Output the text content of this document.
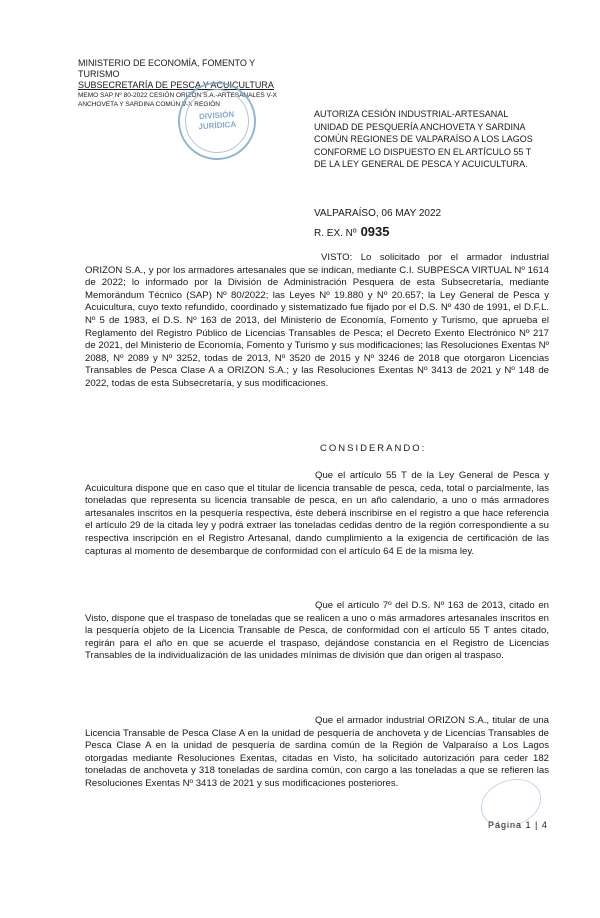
MINISTERIO DE ECONOMÍA, FOMENTO Y TURISMO
SUBSECRETARÍA DE PESCA Y ACUICULTURA
MEMO SAP Nº 80-2022 CESIÓN ORIZON S.A.-ARTESANALES V-X
ANCHOVETA Y SARDINA COMÚN V-X REGIÓN
DIVISIÓN
JURÍDICA
AUTORIZA CESIÓN INDUSTRIAL-ARTESANAL UNIDAD DE PESQUERÍA ANCHOVETA Y SARDINA COMÚN REGIONES DE VALPARAÍSO A LOS LAGOS CONFORME LO DISPUESTO EN EL ARTÍCULO 55 T DE LA LEY GENERAL DE PESCA Y ACUICULTURA.
VALPARAÍSO, 06 MAY 2022
R. EX. Nº 0935
VISTO: Lo solicitado por el armador industrial ORIZON S.A., y por los armadores artesanales que se indican, mediante C.I. SUBPESCA VIRTUAL Nº 1614 de 2022; lo informado por la División de Administración Pesquera de esta Subsecretaría, mediante Memorándum Técnico (SAP) Nº 80/2022; las Leyes Nº 19.880 y Nº 20.657; la Ley General de Pesca y Acuicultura, cuyo texto refundido, coordinado y sistematizado fue fijado por el D.S. Nº 430 de 1991, el D.F.L. Nº 5 de 1983, el D.S. Nº 163 de 2013, del Ministerio de Economía, Fomento y Turismo, que aprueba el Reglamento del Registro Público de Licencias Transables de Pesca; el Decreto Exento Electrónico Nº 217 de 2021, del Ministerio de Economía, Fomento y Turismo y sus modificaciones; las Resoluciones Exentas Nº 2088, Nº 2089 y Nº 3252, todas de 2013, Nº 3520 de 2015 y Nº 3246 de 2018 que otorgaron Licencias Transables de Pesca Clase A a ORIZON S.A.; y las Resoluciones Exentas Nº 3413 de 2021 y Nº 148 de 2022, todas de esta Subsecretaría, y sus modificaciones.
CONSIDERANDO:
Que el artículo 55 T de la Ley General de Pesca y Acuicultura dispone que en caso que el titular de licencia transable de pesca, ceda, total o parcialmente, las toneladas que representa su licencia transable de pesca, en un año calendario, a uno o más armadores artesanales inscritos en la pesquería respectiva, éste deberá inscribirse en el registro a que hace referencia el artículo 29 de la citada ley y podrá extraer las toneladas cedidas dentro de la región correspondiente a su respectiva inscripción en el Registro Artesanal, dando cumplimiento a la exigencia de certificación de las capturas al momento de desembarque de conformidad con el artículo 64 E de la misma ley.
Que el artículo 7º del D.S. Nº 163 de 2013, citado en Visto, dispone que el traspaso de toneladas que se realicen a uno o más armadores artesanales inscritos en la pesquería objeto de la Licencia Transable de Pesca, de conformidad con el artículo 55 T antes citado, regirán para el año en que se acuerde el traspaso, dejándose constancia en el Registro de Licencias Transables de la individualización de las unidades mínimas de división que dan origen al traspaso.
Que el armador industrial ORIZON S.A., titular de una Licencia Transable de Pesca Clase A en la unidad de pesquería de anchoveta y de Licencias Transables de Pesca Clase A en la unidad de pesquería de sardina común de la Región de Valparaíso a Los Lagos otorgadas mediante Resoluciones Exentas, citadas en Visto, ha solicitado autorización para ceder 182 toneladas de anchoveta y 318 toneladas de sardina común, con cargo a las toneladas a que se refieren las Resoluciones Exentas Nº 3413 de 2021 y sus modificaciones posteriores.
Página 1 | 4
